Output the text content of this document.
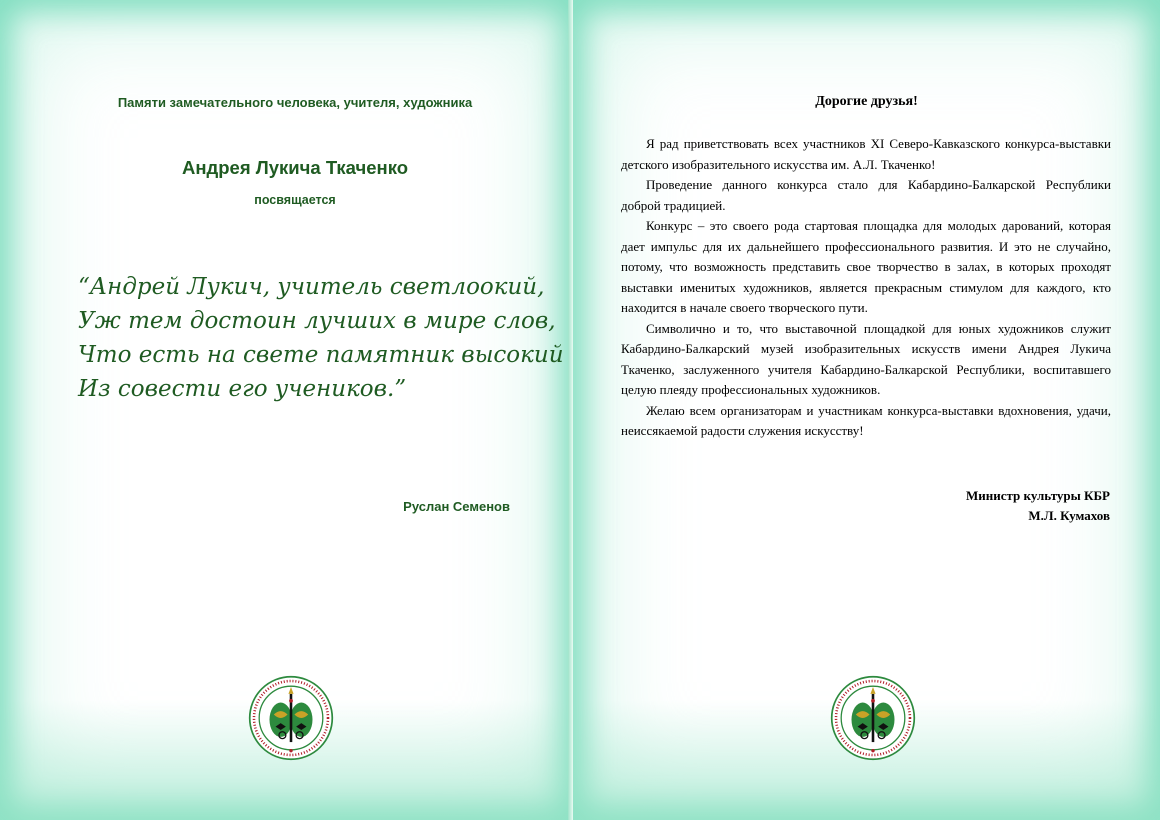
Памяти замечательного человека, учителя, художника
Андрея Лукича Ткаченко
посвящается
“Андрей Лукич, учитель светлоокий,
Уж тем достоин лучших в мире слов,
Что есть на свете памятник высокий
Из совести его учеников.”
Руслан Семенов
Дорогие друзья!

Я рад приветствовать всех участников XI Северо-Кавказского конкурса-выставки детского изобразительного искусства им. А.Л. Ткаченко!

Проведение данного конкурса стало для Кабардино-Балкарской Республики доброй традицией.

Конкурс – это своего рода стартовая площадка для молодых дарований, которая дает импульс для их дальнейшего профессионального развития. И это не случайно, потому, что возможность представить свое творчество в залах, в которых проходят выставки именитых художников, является прекрасным стимулом для каждого, кто находится в начале своего творческого пути.

Символично и то, что выставочной площадкой для юных художников служит Кабардино-Балкарский музей изобразительных искусств имени Андрея Лукича Ткаченко, заслуженного учителя Кабардино-Балкарской Республики, воспитавшего целую плеяду профессиональных художников.

Желаю всем организаторам и участникам конкурса-выставки вдохновения, удачи, неиссякаемой радости служения искусству!

Министр культуры КБР
М.Л. Кумахов
